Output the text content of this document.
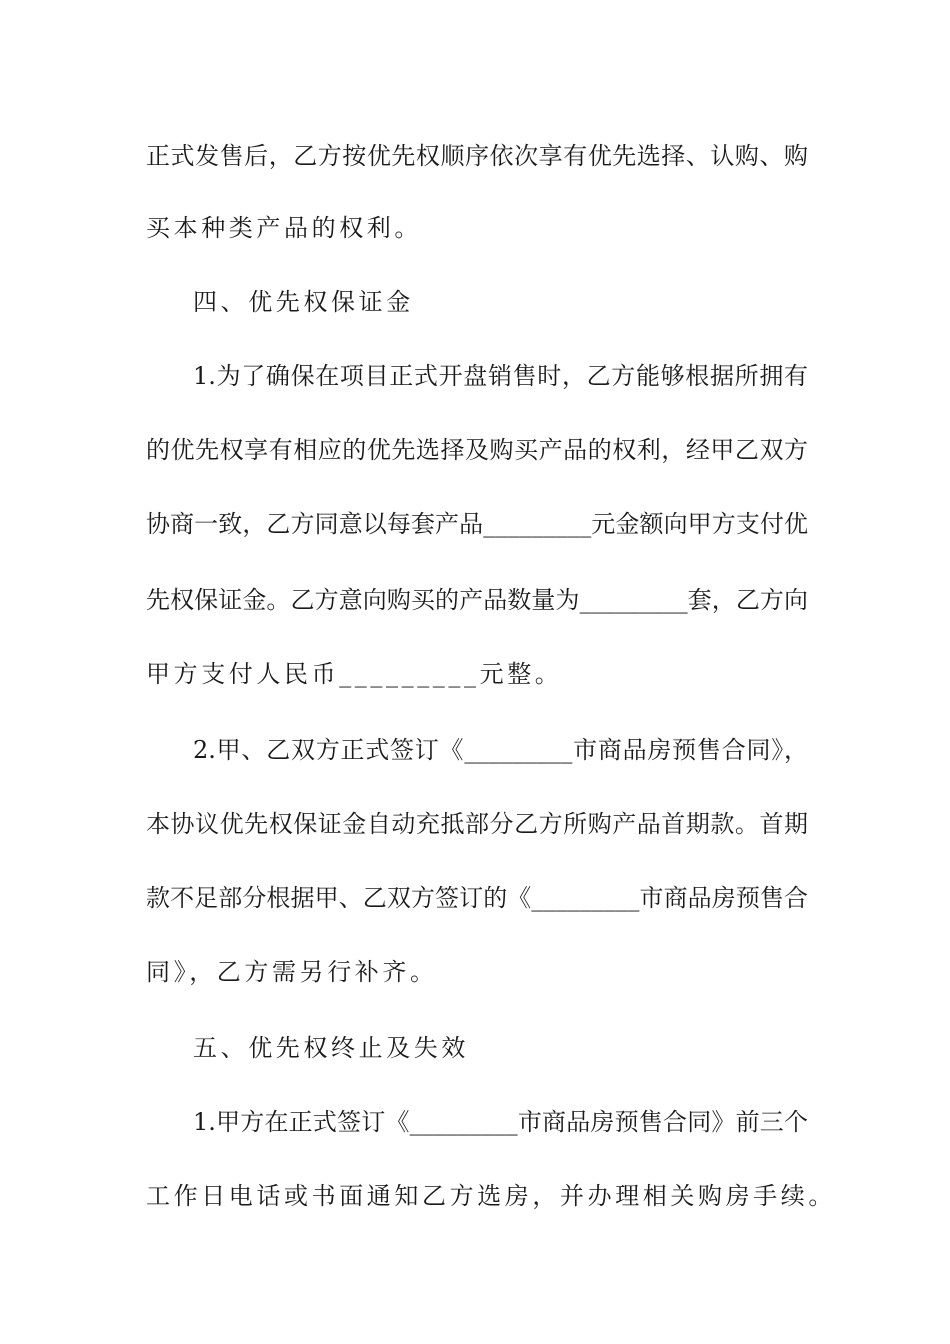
正式发售后，乙方按优先权顺序依次享有优先选择、认购、购
买本种类产品的权利。
四、优先权保证金
1.为了确保在项目正式开盘销售时，乙方能够根据所拥有
的优先权享有相应的优先选择及购买产品的权利，经甲乙双方
协商一致，乙方同意以每套产品_________元金额向甲方支付优
先权保证金。乙方意向购买的产品数量为_________套，乙方向
甲方支付人民币_________元整。
2.甲、乙双方正式签订《_________市商品房预售合同》，
本协议优先权保证金自动充抵部分乙方所购产品首期款。首期
款不足部分根据甲、乙双方签订的《_________市商品房预售合
同》，乙方需另行补齐。
五、优先权终止及失效
1.甲方在正式签订《_________市商品房预售合同》前三个
工作日电话或书面通知乙方选房，并办理相关购房手续。
